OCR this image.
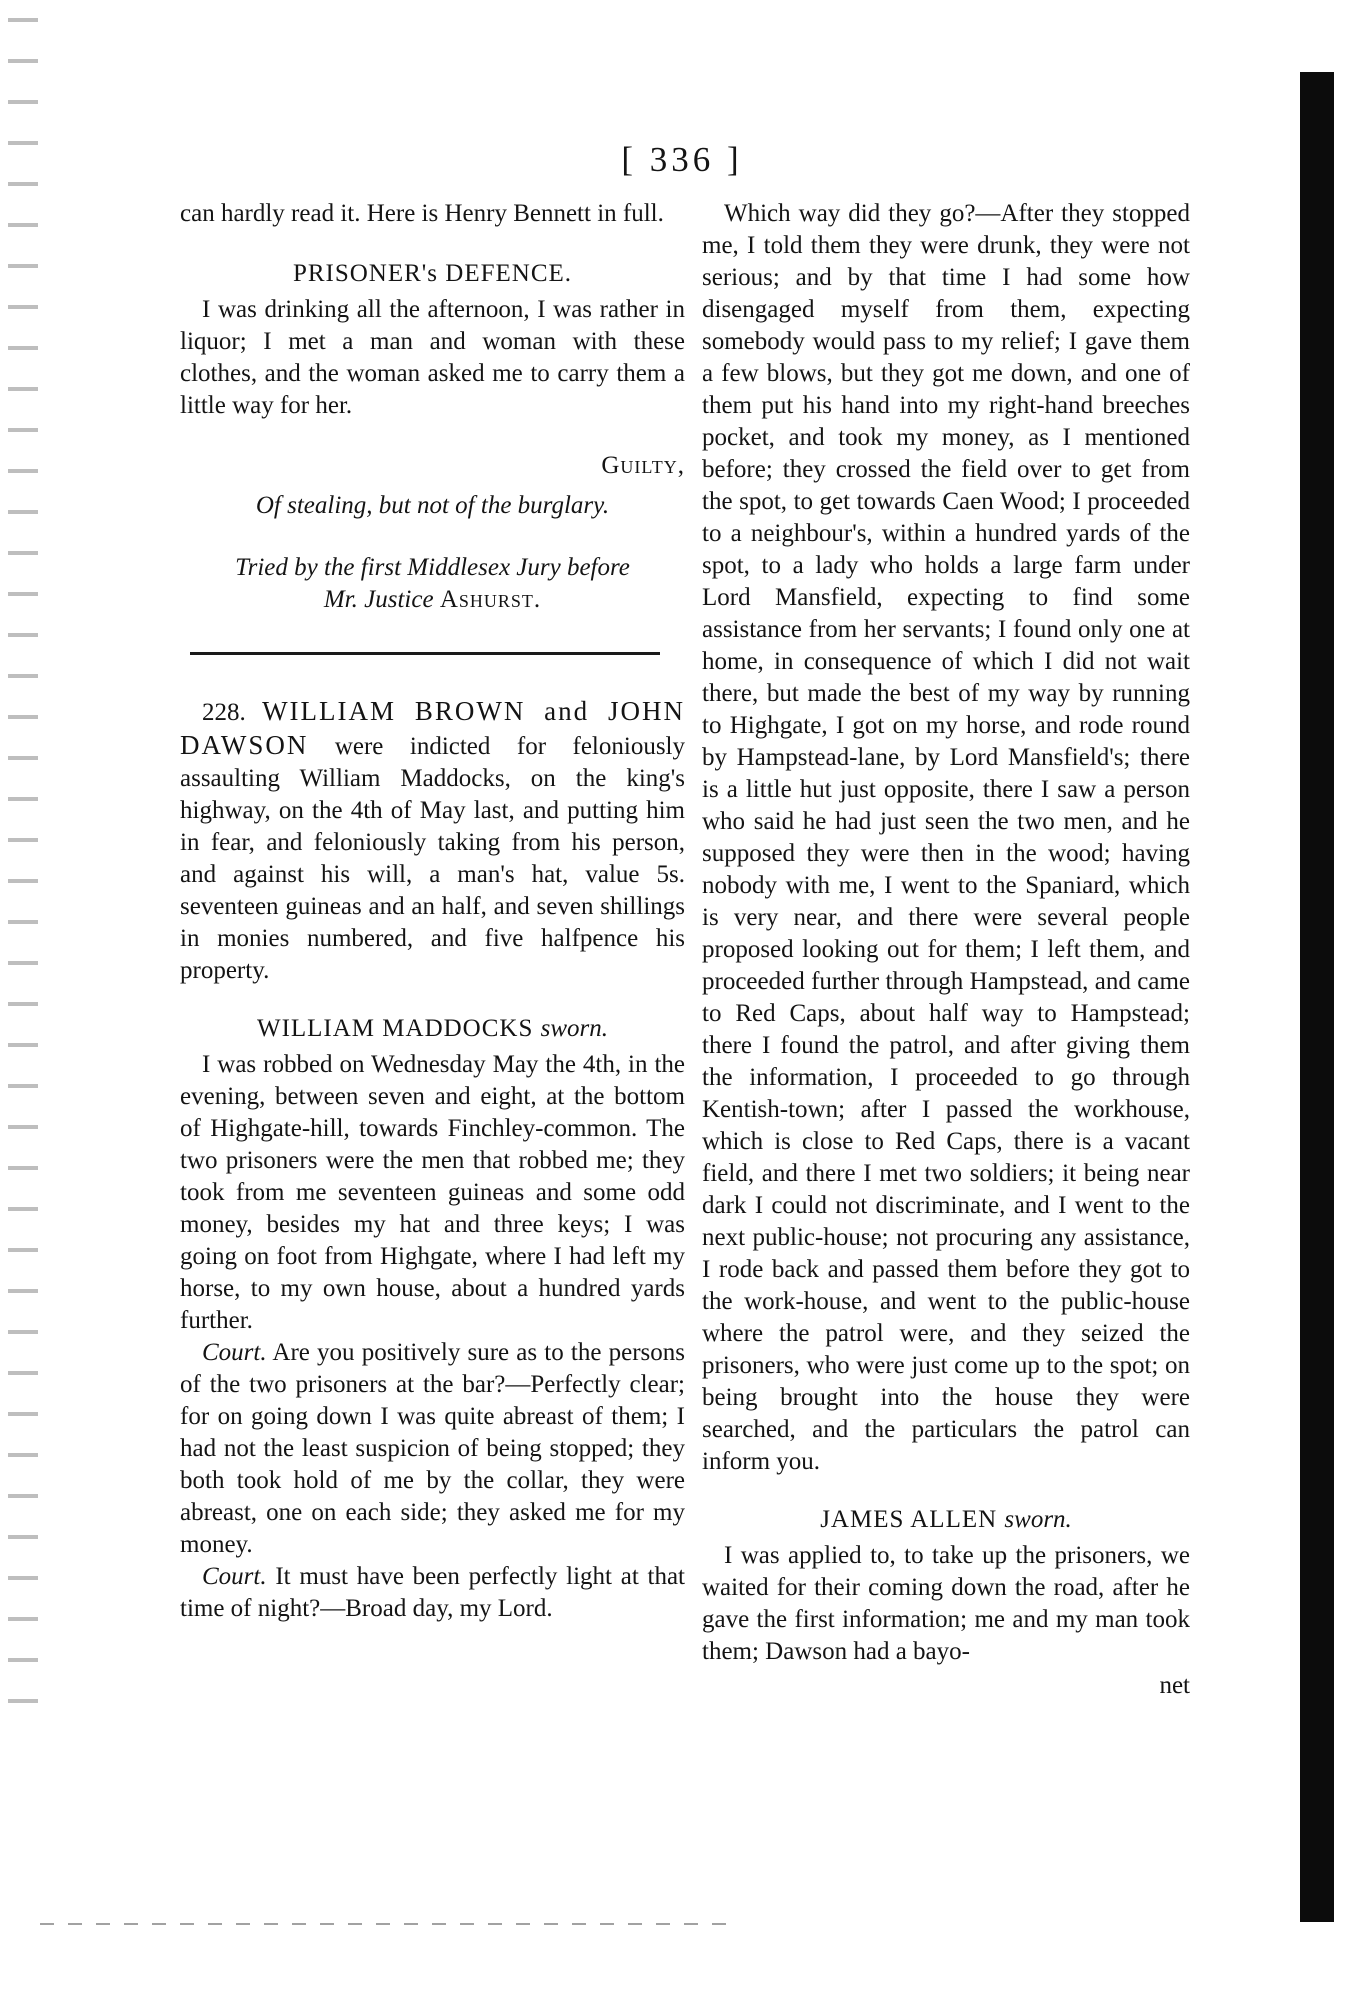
[ 336 ]

can hardly read it. Here is Henry Bennett in full.

PRISONER's DEFENCE.

I was drinking all the afternoon, I was rather in liquor; I met a man and woman with these clothes, and the woman asked me to carry them a little way for her.

Guilty,
Of stealing, but not of the burglary.
Tried by the first Middlesex Jury before
Mr. Justice Ashurst.

228. WILLIAM BROWN and JOHN DAWSON were indicted for feloniously assaulting William Maddocks, on the king's highway, on the 4th of May last, and putting him in fear, and feloniously taking from his person, and against his will, a man's hat, value 5s. seventeen guineas and an half, and seven shillings in monies numbered, and five halfpence his property.

WILLIAM MADDOCKS sworn.

I was robbed on Wednesday May the 4th, in the evening, between seven and eight, at the bottom of Highgate-hill, towards Finchley-common. The two prisoners were the men that robbed me; they took from me seventeen guineas and some odd money, besides my hat and three keys; I was going on foot from Highgate, where I had left my horse, to my own house, about a hundred yards further.

Court. Are you positively sure as to the persons of the two prisoners at the bar?—Perfectly clear; for on going down I was quite abreast of them; I had not the least suspicion of being stopped; they both took hold of me by the collar, they were abreast, one on each side; they asked me for my money.

Court. It must have been perfectly light at that time of night?—Broad day, my Lord.

Which way did they go?—After they stopped me, I told them they were drunk, they were not serious; and by that time I had some how disengaged myself from them, expecting somebody would pass to my relief; I gave them a few blows, but they got me down, and one of them put his hand into my right-hand breeches pocket, and took my money, as I mentioned before; they crossed the field over to get from the spot, to get towards Caen Wood; I proceeded to a neighbour's, within a hundred yards of the spot, to a lady who holds a large farm under Lord Mansfield, expecting to find some assistance from her servants; I found only one at home, in consequence of which I did not wait there, but made the best of my way by running to Highgate, I got on my horse, and rode round by Hampstead-lane, by Lord Mansfield's; there is a little hut just opposite, there I saw a person who said he had just seen the two men, and he supposed they were then in the wood; having nobody with me, I went to the Spaniard, which is very near, and there were several people proposed looking out for them; I left them, and proceeded further through Hampstead, and came to Red Caps, about half way to Hampstead; there I found the patrol, and after giving them the information, I proceeded to go through Kentish-town; after I passed the workhouse, which is close to Red Caps, there is a vacant field, and there I met two soldiers; it being near dark I could not discriminate, and I went to the next public-house; not procuring any assistance, I rode back and passed them before they got to the work-house, and went to the public-house where the patrol were, and they seized the prisoners, who were just come up to the spot; on being brought into the house they were searched, and the particulars the patrol can inform you.

JAMES ALLEN sworn.

I was applied to, to take up the prisoners, we waited for their coming down the road, after he gave the first information; me and my man took them; Dawson had a bayo-

net
